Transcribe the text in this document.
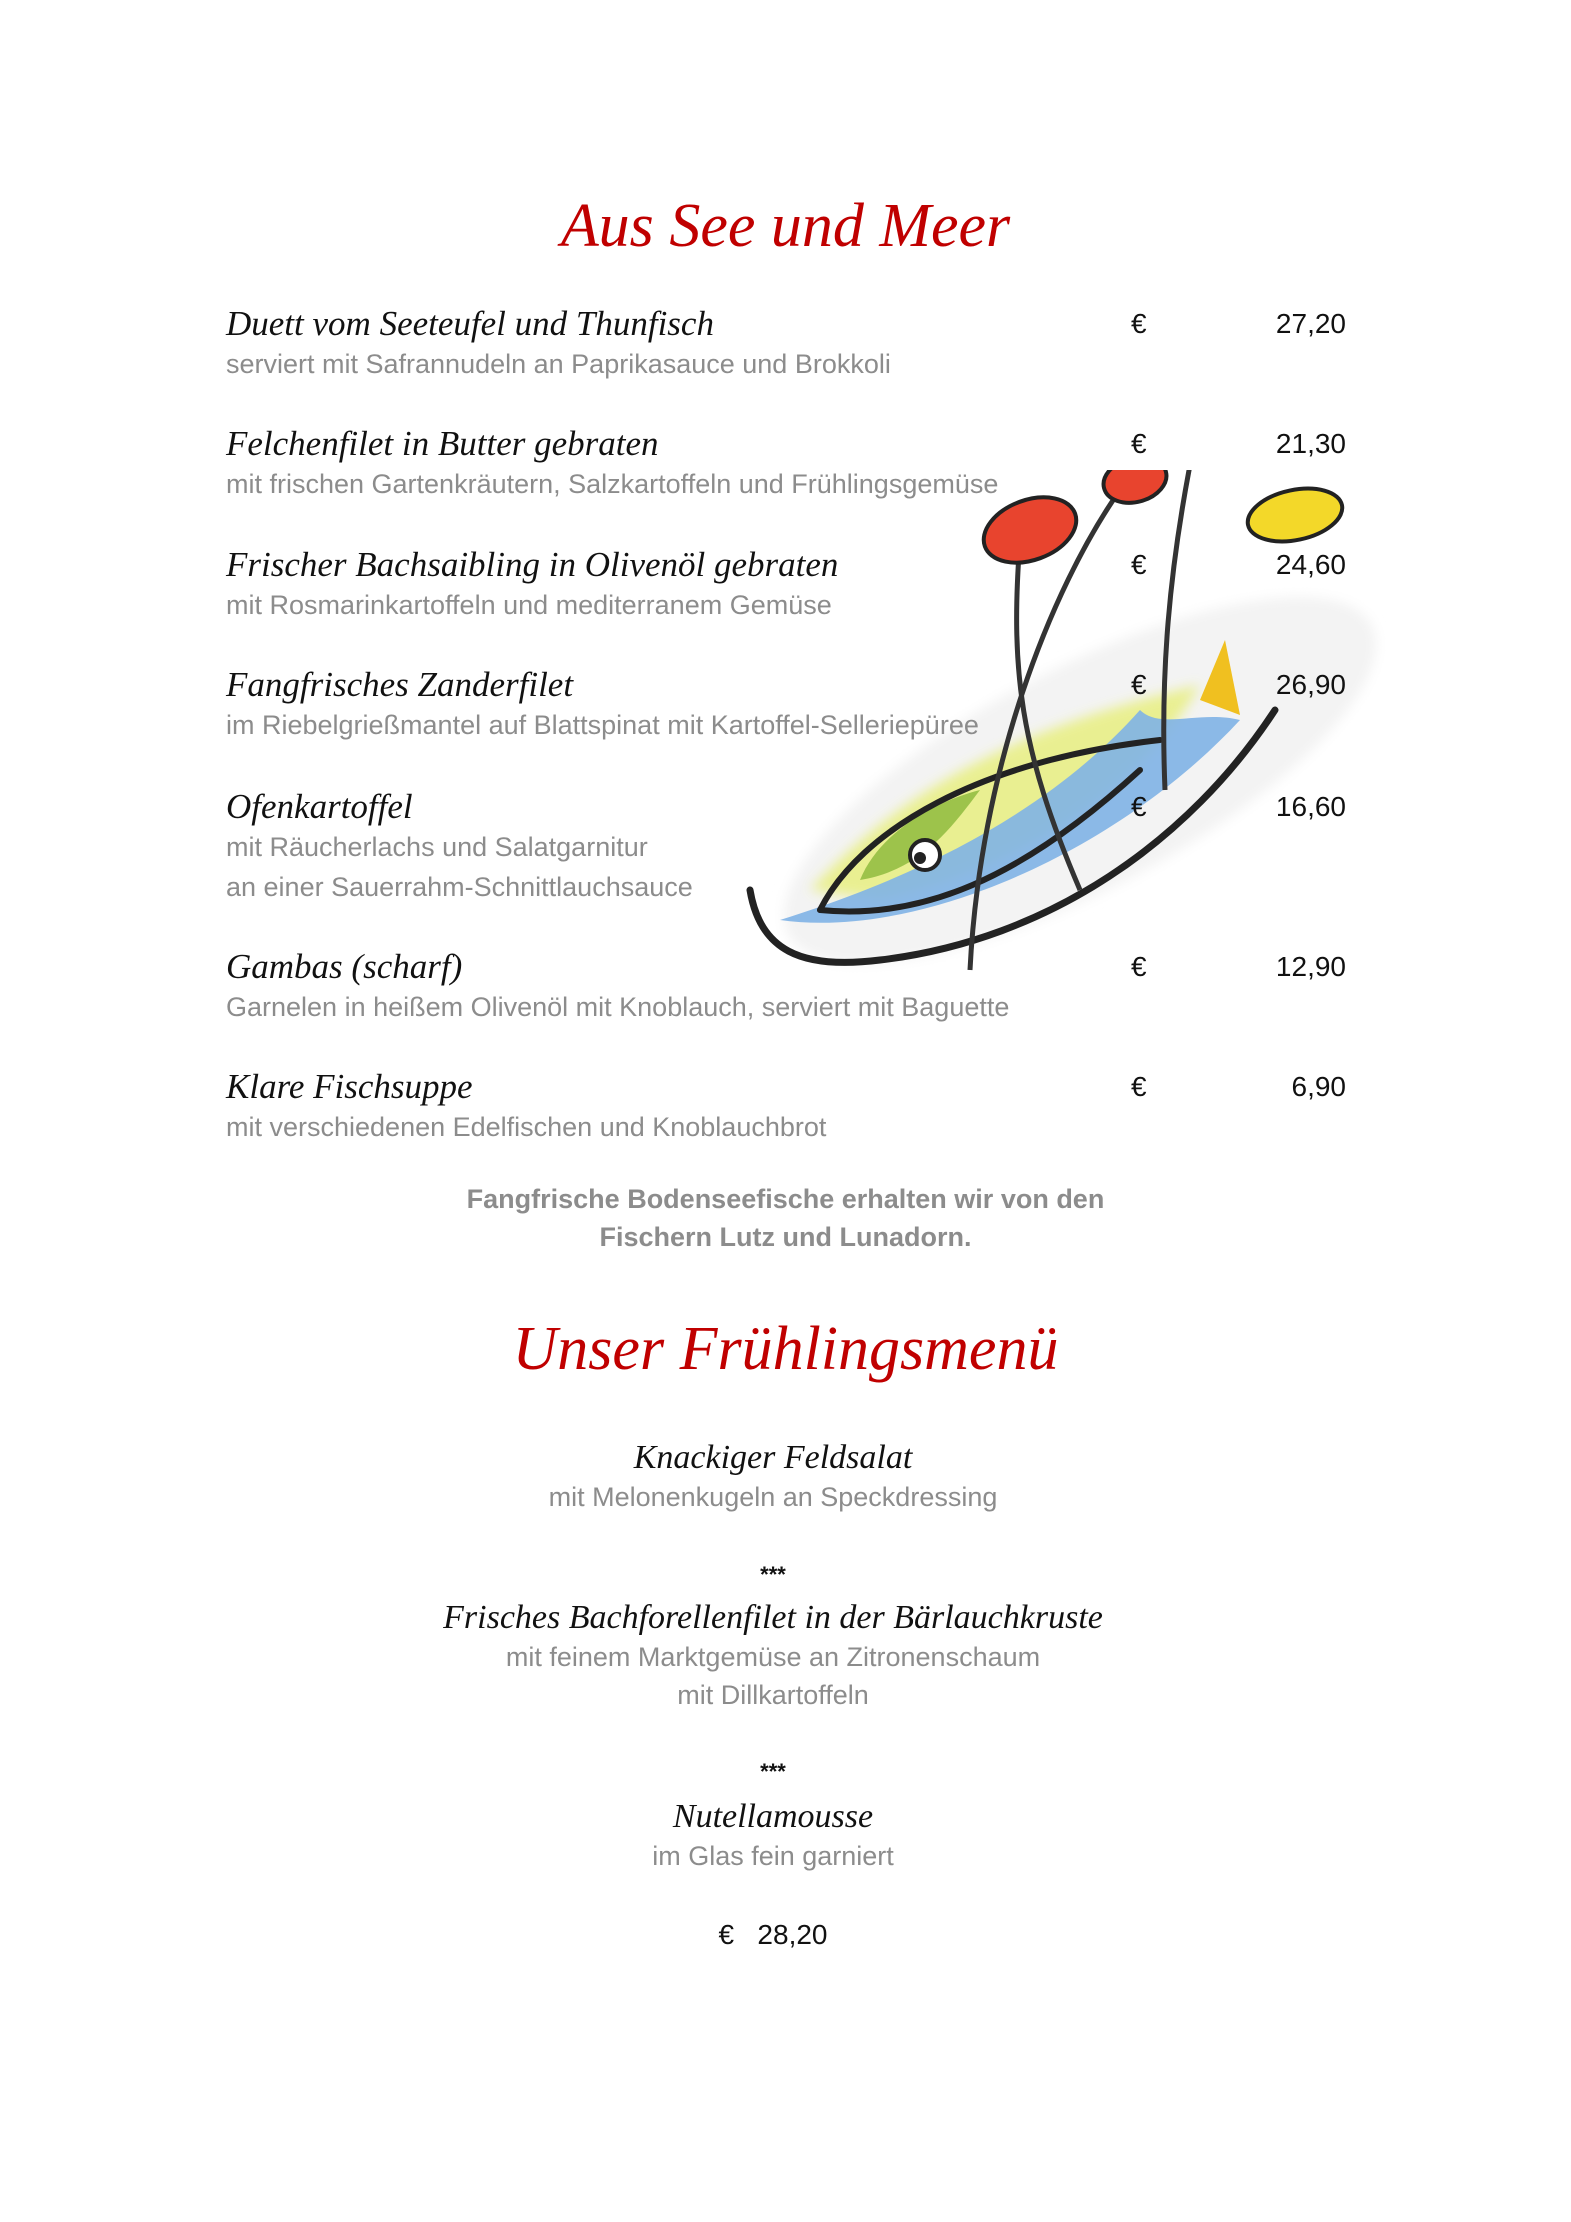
Aus See und Meer
Duett vom Seeteufel und Thunfisch
serviert mit Safrannudeln an Paprikasauce und Brokkoli
€	27,20
Felchenfilet in Butter gebraten
mit frischen Gartenkräutern, Salzkartoffeln und Frühlingsgemüse
€	21,30
Frischer Bachsaibling in Olivenöl gebraten
mit Rosmarinkartoffeln und mediterranem Gemüse
€	24,60
Fangfrisches Zanderfilet
im Riebelgrießmantel auf Blattspinat mit Kartoffel-Selleriepüree
€	26,90
Ofenkartoffel
mit Räucherlachs und Salatgarnitur
an einer Sauerrahm-Schnittlauchsauce
€	16,60
Gambas (scharf)
Garnelen in heißem Olivenöl mit Knoblauch, serviert mit Baguette
€	12,90
Klare Fischsuppe
mit verschiedenen Edelfischen und Knoblauchbrot
€	6,90
Fangfrische Bodenseefische erhalten wir von den
Fischern Lutz und Lunadorn.
Unser Frühlingsmenü
Knackiger Feldsalat
mit Melonenkugeln an Speckdressing
***
Frisches Bachforellenfilet in der Bärlauchkruste
mit feinem Marktgemüse an Zitronenschaum
mit Dillkartoffeln
***
Nutellamousse
im Glas fein garniert
€ 28,20
